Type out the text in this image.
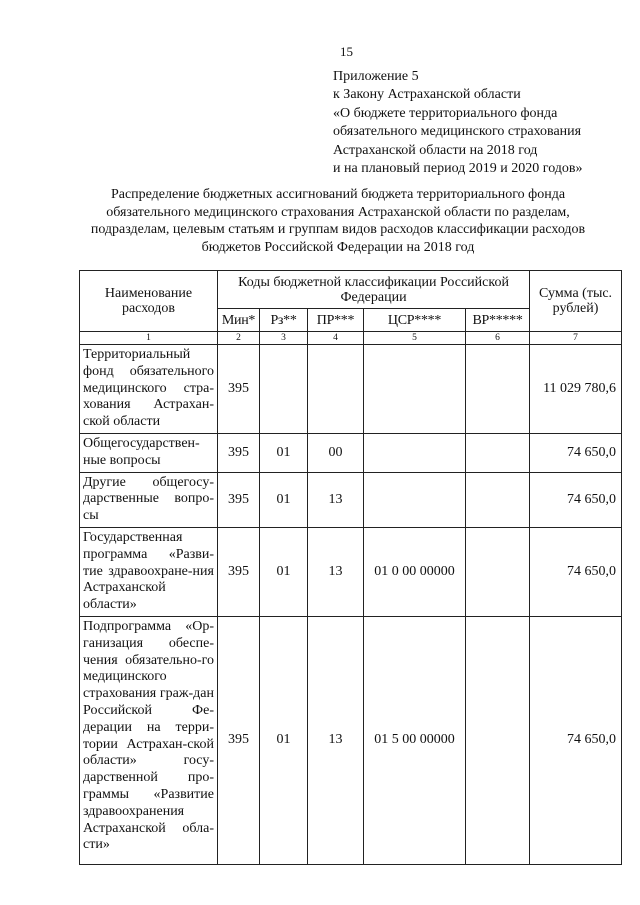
15
Приложение 5
к Закону Астраханской области
«О бюджете территориального фонда
обязательного медицинского страхования
Астраханской области на 2018 год
и на плановый период 2019 и 2020 годов»
Распределение бюджетных ассигнований бюджета территориального фонда
обязательного медицинского страхования Астраханской области по разделам,
подразделам, целевым статьям и группам видов расходов классификации расходов
бюджетов Российской Федерации на 2018 год
Наименование расходов	Коды бюджетной классификации Российской Федерации					Сумма (тыс. рублей)
	Мин*	Рз**	ПР***	ЦСР****	ВР*****	
1	2	3	4	5	6	7
Территориальный фонд обязательного медицинского стра-хования Астрахан-ской области	395					11 029 780,6
Общегосударствен-ные вопросы	395	01	00			74 650,0
Другие общегосу-дарственные вопро-сы	395	01	13			74 650,0
Государственная программа «Разви-тие здравоохране-ния Астраханской области»	395	01	13	01 0 00 00000		74 650,0
Подпрограмма «Ор-ганизация обеспе-чения обязательно-го медицинского страхования граж-дан Российской Фе-дерации на терри-тории Астрахан-ской области» госу-дарственной про-граммы «Развитие здравоохранения Астраханской обла-сти»	395	01	13	01 5 00 00000		74 650,0
